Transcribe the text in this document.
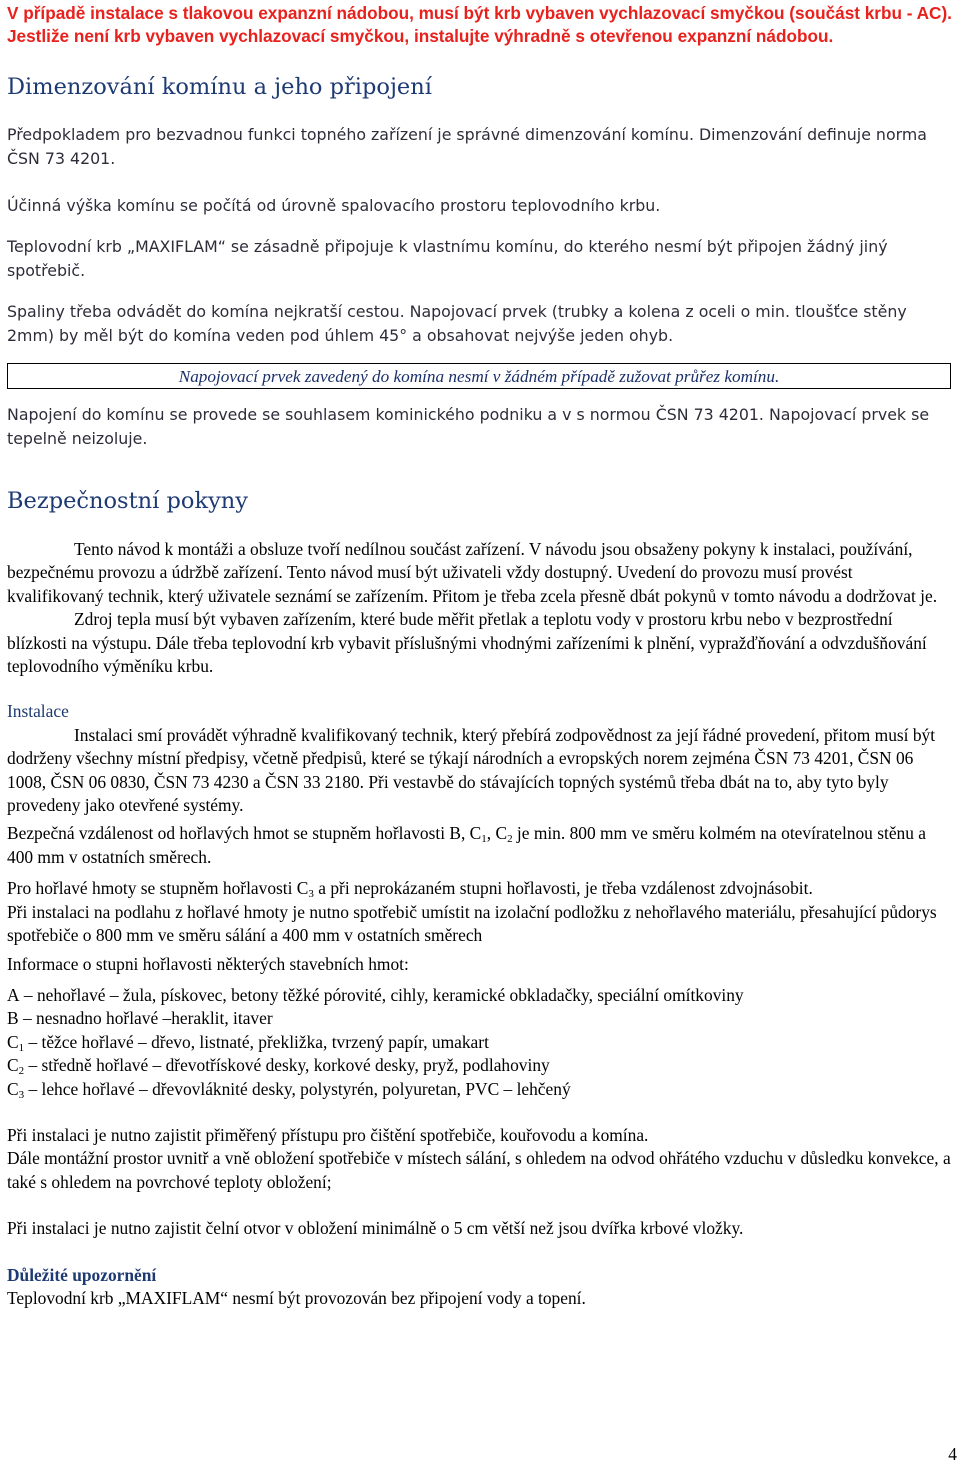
V případě instalace s tlakovou expanzní nádobou, musí být krb vybaven vychlazovací smyčkou (součást krbu - AC). Jestliže není krb vybaven vychlazovací smyčkou, instalujte výhradně s otevřenou expanzní nádobou.

Dimenzování komínu a jeho připojení

Předpokladem pro bezvadnou funkci topného zařízení je správné dimenzování komínu. Dimenzování definuje norma ČSN 73 4201.

Účinná výška komínu se počítá od úrovně spalovacího prostoru teplovodního krbu.

Teplovodní krb „MAXIFLAM“ se zásadně připojuje k vlastnímu komínu, do kterého nesmí být připojen žádný jiný spotřebič.

Spaliny třeba odvádět do komína nejkratší cestou. Napojovací prvek (trubky a kolena z oceli o min. tloušťce stěny 2mm) by měl být do komína veden pod úhlem 45° a obsahovat nejvýše jeden ohyb.

Napojovací prvek zavedený do komína nesmí v žádném případě zužovat průřez komínu.

Napojení do komínu se provede se souhlasem kominického podniku a v s normou ČSN 73 4201. Napojovací prvek se tepelně neizoluje.

Bezpečnostní pokyny

Tento návod k montáži a obsluze tvoří nedílnou součást zařízení. V návodu jsou obsaženy pokyny k instalaci, používání, bezpečnému provozu a údržbě zařízení. Tento návod musí být uživateli vždy dostupný. Uvedení do provozu musí provést kvalifikovaný technik, který uživatele seznámí se zařízením. Přitom je třeba zcela přesně dbát pokynů v tomto návodu a dodržovat je.

Zdroj tepla musí být vybaven zařízením, které bude měřit přetlak a teplotu vody v prostoru krbu nebo v bezprostřední blízkosti na výstupu. Dále třeba teplovodní krb vybavit příslušnými vhodnými zařízeními k plnění, vypražďňování a odvzdušňování teplovodního výměníku krbu.

Instalace

Instalaci smí provádět výhradně kvalifikovaný technik, který přebírá zodpovědnost za její řádné provedení, přitom musí být dodrženy všechny místní předpisy, včetně předpisů, které se týkají národních a evropských norem zejména ČSN 73 4201, ČSN 06 1008, ČSN 06 0830, ČSN 73 4230 a ČSN 33 2180. Při vestavbě do stávajících topných systémů třeba dbát na to, aby tyto byly provedeny jako otevřené systémy.

Bezpečná vzdálenost od hořlavých hmot se stupněm hořlavosti B, $C_1$, $C_2$ je min. 800 mm ve směru kolmém na otevíratelnou stěnu a 400 mm v ostatních směrech.

Pro hořlavé hmoty se stupněm hořlavosti $C_3$ a při neprokázaném stupni hořlavosti, je třeba vzdálenost zdvojnásobit.

Při instalaci na podlahu z hořlavé hmoty je nutno spotřebič umístit na izolační podložku z nehořlavého materiálu, přesahující půdorys spotřebiče o 800 mm ve směru sálání a 400 mm v ostatních směrech

Informace o stupni hořlavosti některých stavebních hmot:

A – nehořlavé – žula, pískovec, betony těžké pórovité, cihly, keramické obkladačky, speciální omítkoviny

B – nesnadno hořlavé –heraklit, itaver

$C_1$ – těžce hořlavé – dřevo, listnaté, překližka, tvrzený papír, umakart

$C_2$ – středně hořlavé – dřevotřískové desky, korkové desky, pryž, podlahoviny

$C_3$ – lehce hořlavé – dřevovláknité desky, polystyrén, polyuretan, PVC – lehčený

Při instalaci je nutno zajistit přiměřený přístupu pro čištění spotřebiče, kouřovodu a komína.

Dále montážní prostor uvnitř a vně obložení spotřebiče v místech sálání, s ohledem na odvod ohřátého vzduchu v důsledku konvekce, a také s ohledem na povrchové teploty obložení;

Při instalaci je nutno zajistit čelní otvor v obložení minimálně o 5 cm větší než jsou dvířka krbové vložky.

Důležité upozornění

Teplovodní krb „MAXIFLAM“ nesmí být provozován bez připojení vody a topení.

4
